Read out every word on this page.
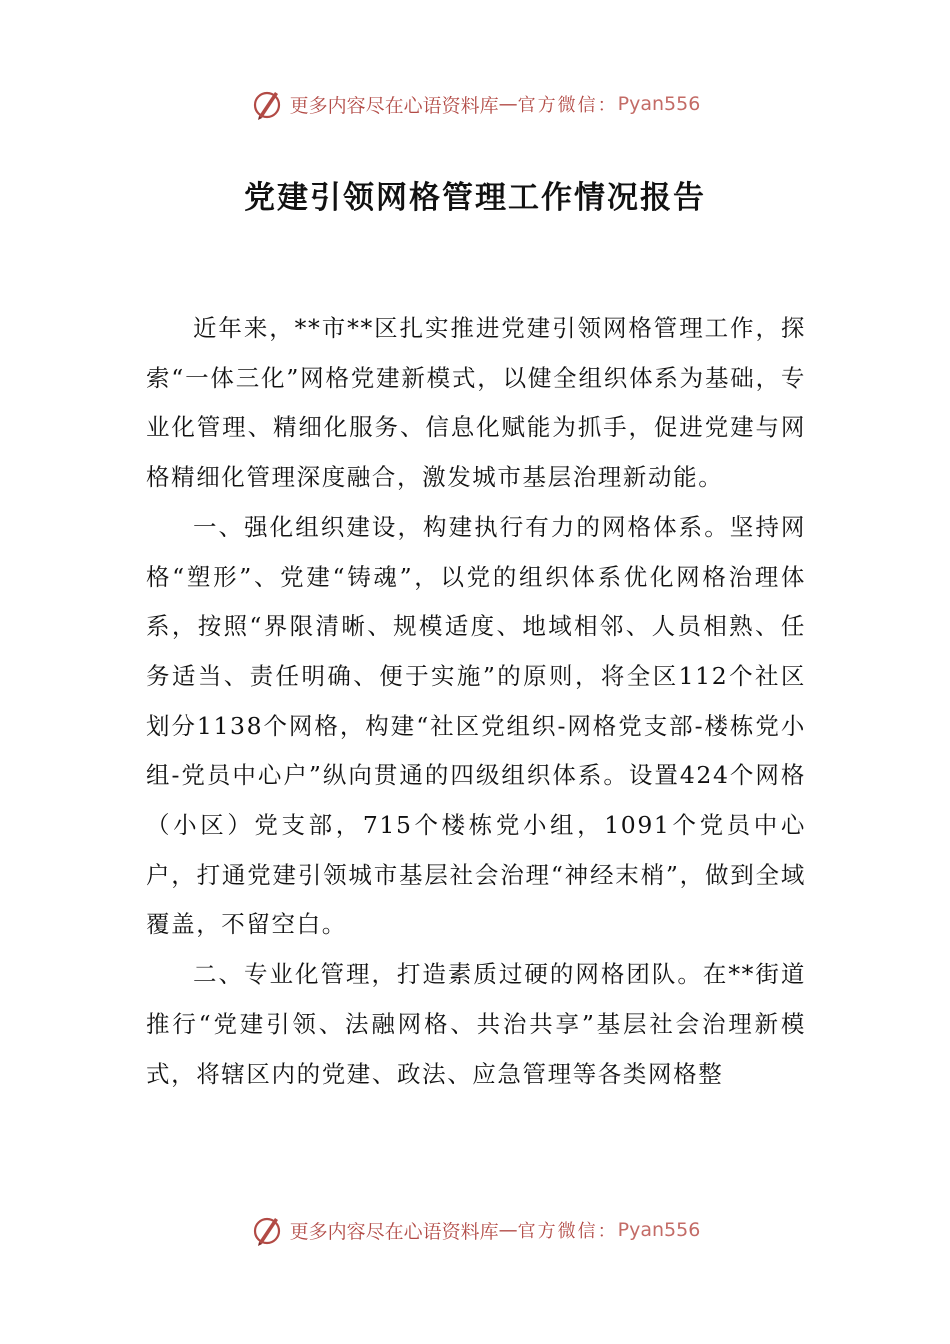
更多内容尽在心语资料库 — 官方微信： Pyan556
党建引领网格管理工作情况报告

近年来，**市**区扎实推进党建引领网格管理工作，探索“一体三化”网格党建新模式，以健全组织体系为基础，专业化管理、精细化服务、信息化赋能为抓手，促进党建与网格精细化管理深度融合，激发城市基层治理新动能。

一、强化组织建设，构建执行有力的网格体系。坚持网格“塑形”、党建“铸魂”，以党的组织体系优化网格治理体系，按照“界限清晰、规模适度、地域相邻、人员相熟、任务适当、责任明确、便于实施”的原则，将全区112个社区划分1138个网格，构建“社区党组织-网格党支部-楼栋党小组-党员中心户”纵向贯通的四级组织体系。设置424个网格（小区）党支部，715个楼栋党小组，1091个党员中心户，打通党建引领城市基层社会治理“神经末梢”，做到全域覆盖，不留空白。

二、专业化管理，打造素质过硬的网格团队。在**街道推行“党建引领、法融网格、共治共享”基层社会治理新模式，将辖区内的党建、政法、应急管理等各类网格整

更多内容尽在心语资料库 — 官方微信： Pyan556
